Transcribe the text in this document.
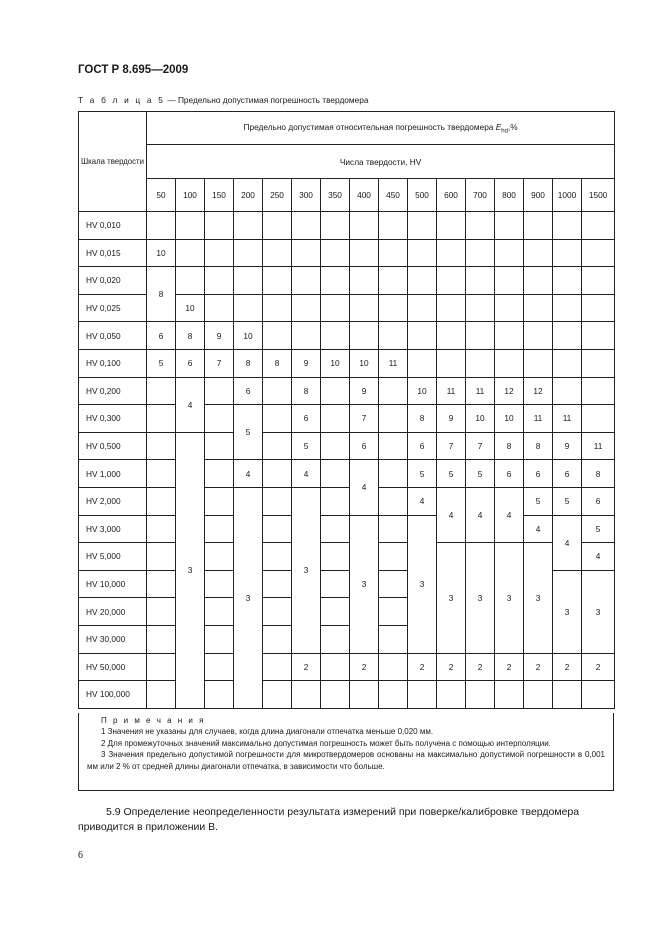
ГОСТ Р 8.695—2009
Т а б л и ц а 5 — Предельно допустимая погрешность твердомера
Шкала твердости	Предельно допустимая относительная погрешность твердомера $E_{hd},\%$															
	Числа твердости, HV															
	50	100	150	200	250	300	350	400	450	500	600	700	800	900	1000	1500
HV 0,010																
HV 0,015	10															
HV 0,020	8															
HV 0,025		10														
HV 0,050	6	8	9	10												
HV 0,100	5	6	7	8	8	9	10	10	11							
HV 0,200		4		6		8		9		10	11	11	12	12		
HV 0,300				5		6		7		8	9	10	10	11	11	
HV 0,500		3				5		6		6	7	7	8	8	9	11
HV 1,000				4		4		4		5	5	5	6	6	6	8
HV 2,000				3		3				4	4	4	4	5	5	6
HV 3,000								3		3				4	4	5
HV 5,000											3	3	3	3		4
HV 10,000															3	3
HV 20,000																
HV 30,000																
HV 50,000						2		2		2	2	2	2	2	2	2
HV 100,000																
П р и м е ч а н и я

1 Значения не указаны для случаев, когда длина диагонали отпечатка меньше 0,020 мм.

2 Для промежуточных значений максимально допустимая погрешность может быть получена с помощью интерполяции.

3 Значения предельно допустимой погрешности для микротвердомеров основаны на максимально допустимой погрешности в 0,001 мм или 2 % от средней длины диагонали отпечатка, в зависимости что больше.

5.9 Определение неопределенности результата измерений при поверке/калибровке твердомера приводится в приложении В.

6
